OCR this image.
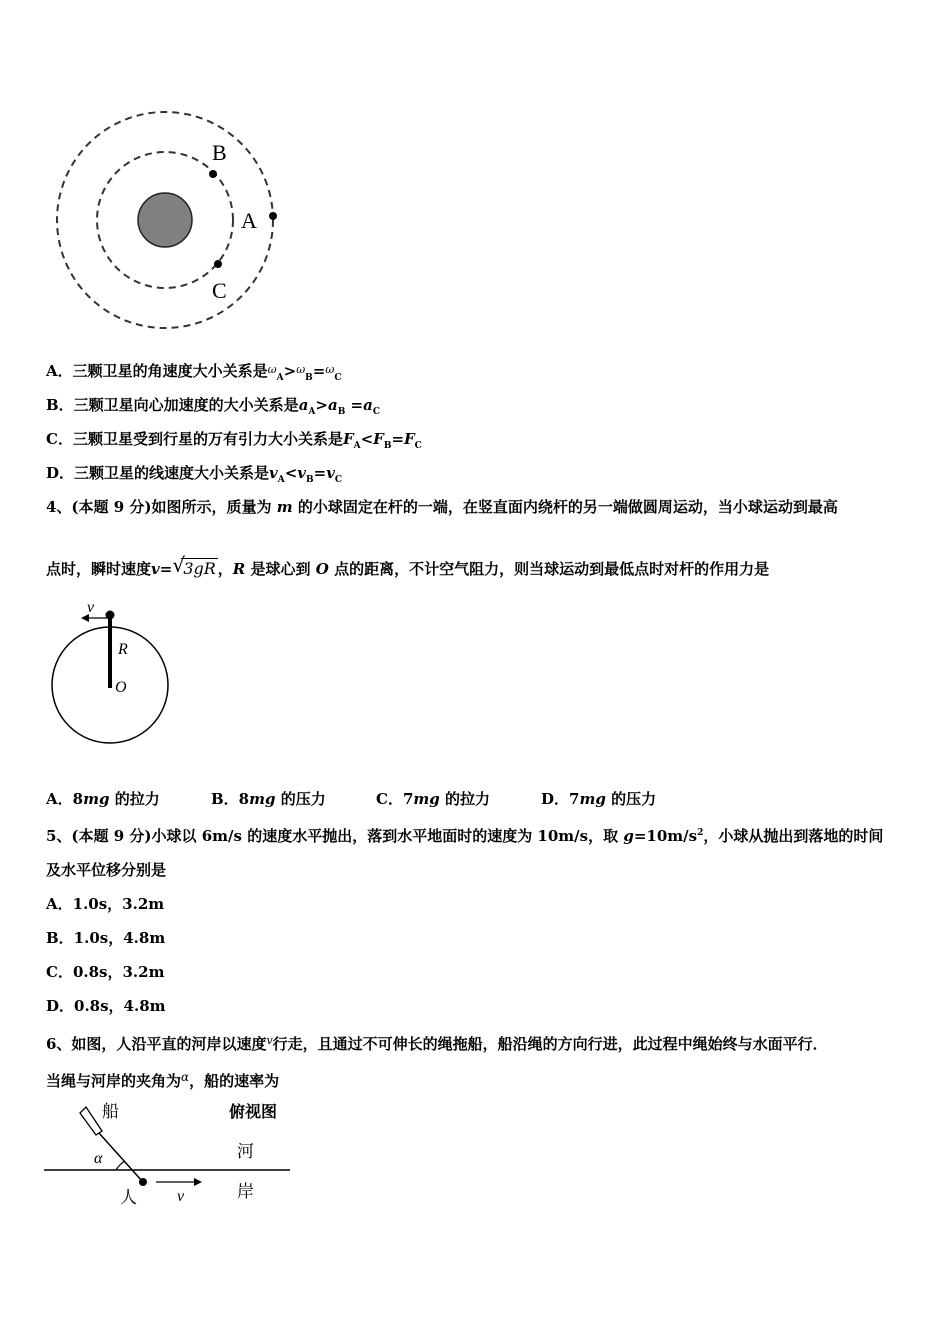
B
A
C
A．三颗卫星的角速度大小关系是$^\omega_A$>$^\omega_B$=$^\omega_C$
B．三颗卫星向心加速度的大小关系是$a_A>a_B =a_C$
C．三颗卫星受到行星的万有引力大小关系是$F_A<F_B=F_C$
D．三颗卫星的线速度大小关系是$v_A<v_B=v_C$
4、(本题 9 分)如图所示，质量为 m 的小球固定在杆的一端，在竖直面内绕杆的另一端做圆周运动，当小球运动到最高
点时，瞬时速度v= √
3gR ，R 是球心到 O 点的距离，不计空气阻力，则当球运动到最低点时对杆的作用力是
v
R
O
A．8mg 的拉力	B．8mg 的压力	C．7mg 的拉力	D．7mg 的压力
5、(本题 9 分)小球以 6m/s 的速度水平抛出，落到水平地面时的速度为 10m/s，取 $g=10m/s^2$，小球从抛出到落地的时间
及水平位移分别是
A．1.0s，3.2m
B．1.0s，4.8m
C．0.8s，3.2m
D．0.8s，4.8m
6、如图，人沿平直的河岸以速度$^v$行走，且通过不可伸长的绳拖船，船沿绳的方向行进，此过程中绳始终与水面平行．
当绳与河岸的夹角为$^\alpha$，船的速率为
船	俯视图
河
α
人	v	岸
